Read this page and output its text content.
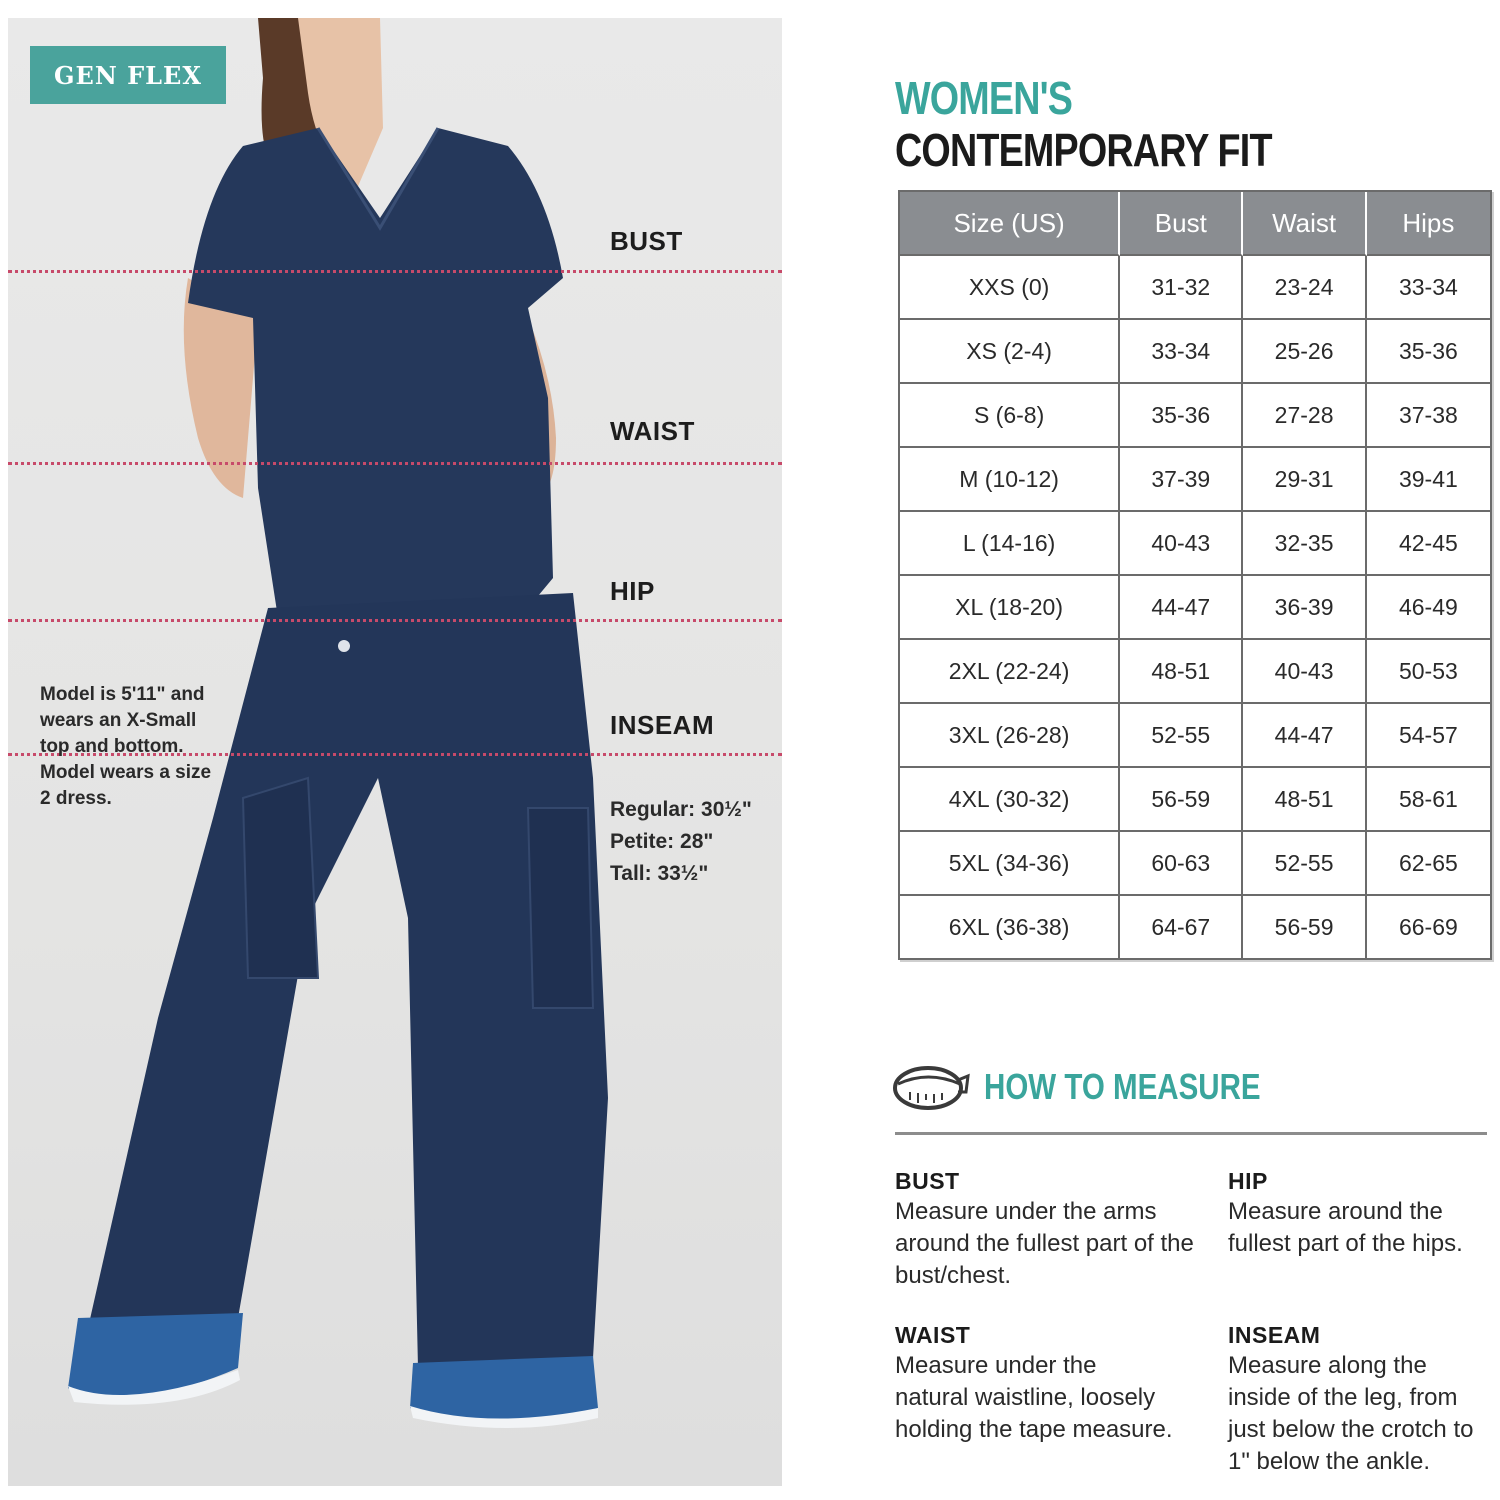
GEN FLEX
BUST
WAIST
HIP
INSEAM
Regular: 30½"
Petite: 28"
Tall: 33½"
Model is 5'11" and wears an X-Small top and bottom. Model wears a size 2 dress.
WOMEN'S
CONTEMPORARY FIT
Size (US)	Bust	Waist	Hips
XXS (0)	31-32	23-24	33-34
XS (2-4)	33-34	25-26	35-36
S (6-8)	35-36	27-28	37-38
M (10-12)	37-39	29-31	39-41
L (14-16)	40-43	32-35	42-45
XL (18-20)	44-47	36-39	46-49
2XL (22-24)	48-51	40-43	50-53
3XL (26-28)	52-55	44-47	54-57
4XL (30-32)	56-59	48-51	58-61
5XL (34-36)	60-63	52-55	62-65
6XL (36-38)	64-67	56-59	66-69
HOW TO MEASURE
BUST
Measure under the arms around the fullest part of the bust/chest.
HIP
Measure around the fullest part of the hips.
WAIST
Measure under the natural waistline, loosely holding the tape measure.
INSEAM
Measure along the inside of the leg, from just below the crotch to 1" below the ankle.
